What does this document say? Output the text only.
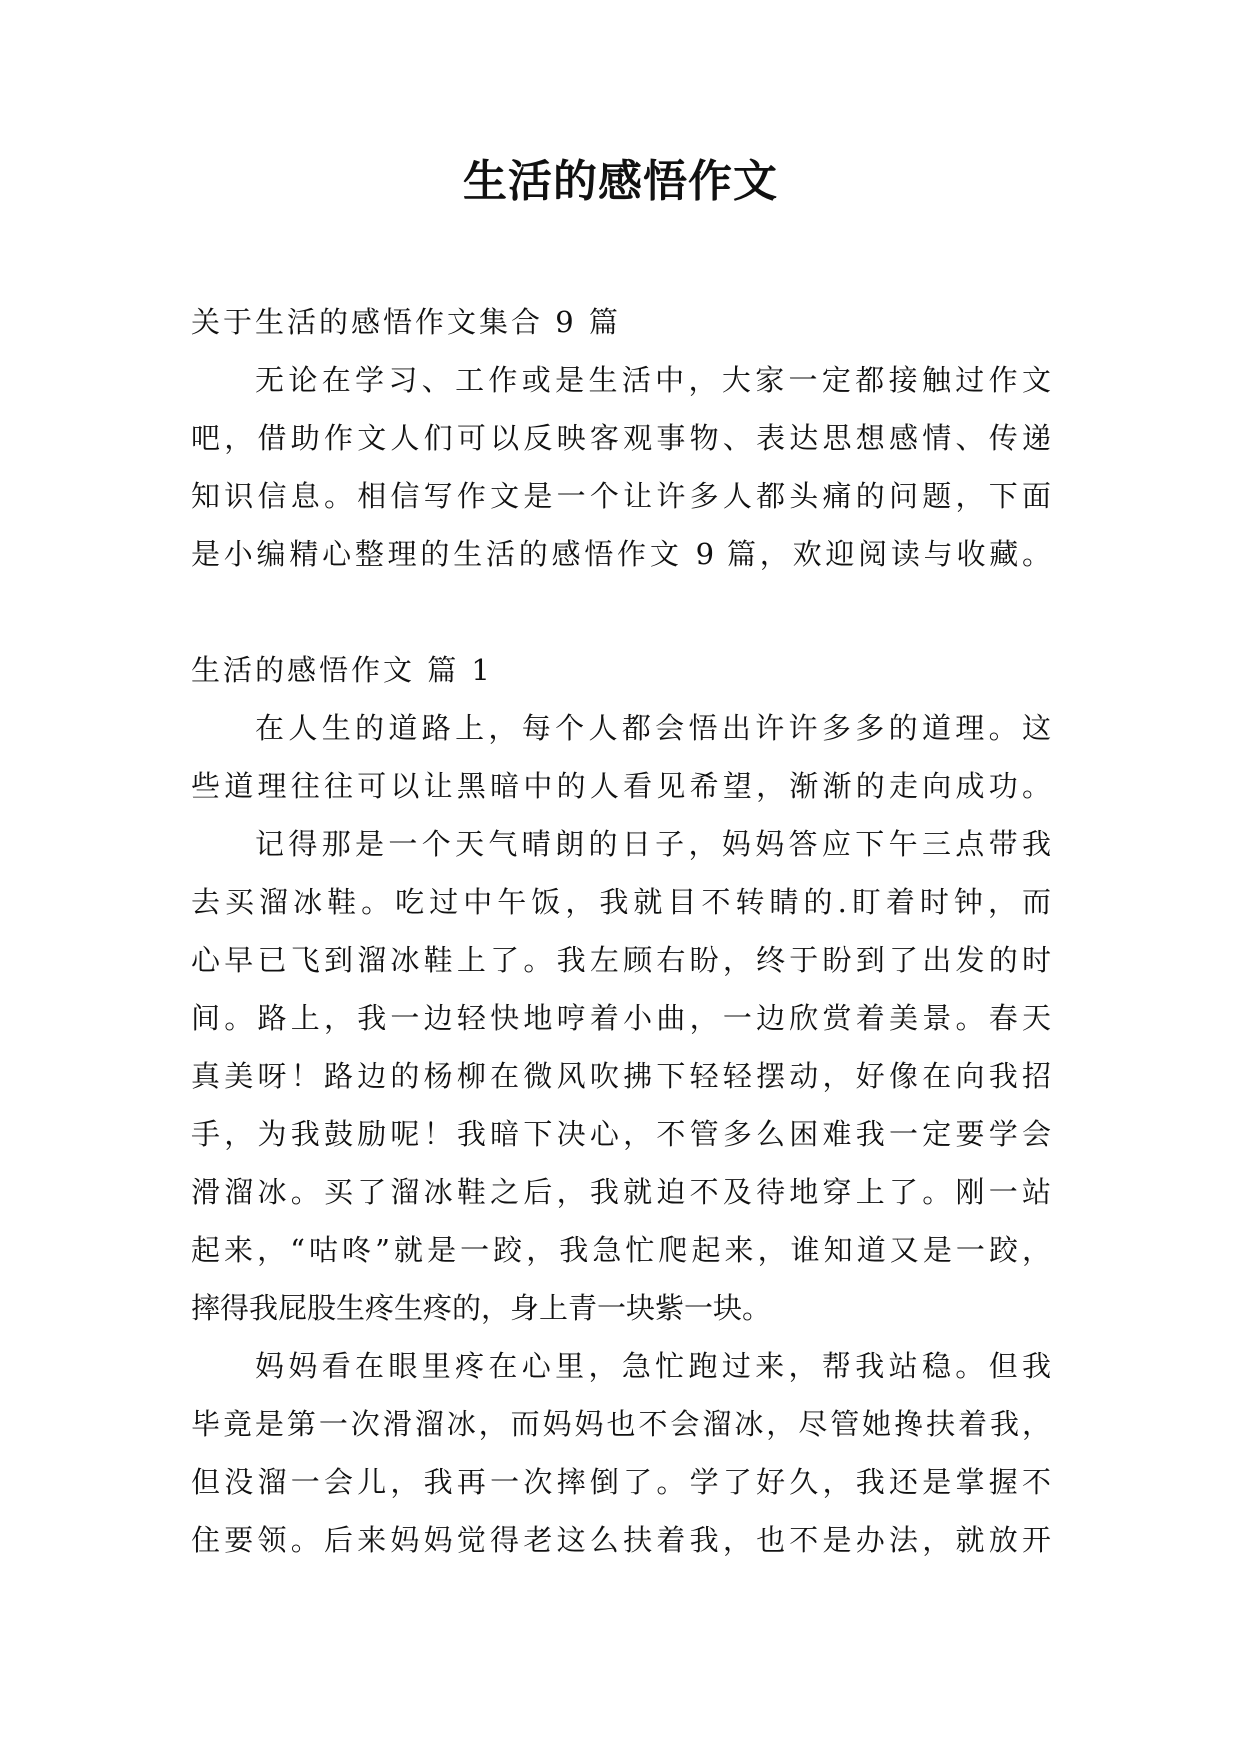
生活的感悟作文
关于生活的感悟作文集合 9 篇
无论在学习、工作或是生活中，大家一定都接触过作文
吧，借助作文人们可以反映客观事物、表达思想感情、传递
知识信息。相信写作文是一个让许多人都头痛的问题，下面
是小编精心整理的生活的感悟作文 9 篇，欢迎阅读与收藏。
生活的感悟作文 篇 1
在人生的道路上，每个人都会悟出许许多多的道理。这
些道理往往可以让黑暗中的人看见希望，渐渐的走向成功。
记得那是一个天气晴朗的日子，妈妈答应下午三点带我
去买溜冰鞋。吃过中午饭，我就目不转睛的.盯着时钟，而
心早已飞到溜冰鞋上了。我左顾右盼，终于盼到了出发的时
间。路上，我一边轻快地哼着小曲，一边欣赏着美景。春天
真美呀！路边的杨柳在微风吹拂下轻轻摆动，好像在向我招
手，为我鼓励呢！我暗下决心，不管多么困难我一定要学会
滑溜冰。买了溜冰鞋之后，我就迫不及待地穿上了。刚一站
起来，“咕咚”就是一跤，我急忙爬起来，谁知道又是一跤，
摔得我屁股生疼生疼的，身上青一块紫一块。
妈妈看在眼里疼在心里，急忙跑过来，帮我站稳。但我
毕竟是第一次滑溜冰，而妈妈也不会溜冰，尽管她搀扶着我，
但没溜一会儿，我再一次摔倒了。学了好久，我还是掌握不
住要领。后来妈妈觉得老这么扶着我，也不是办法，就放开
